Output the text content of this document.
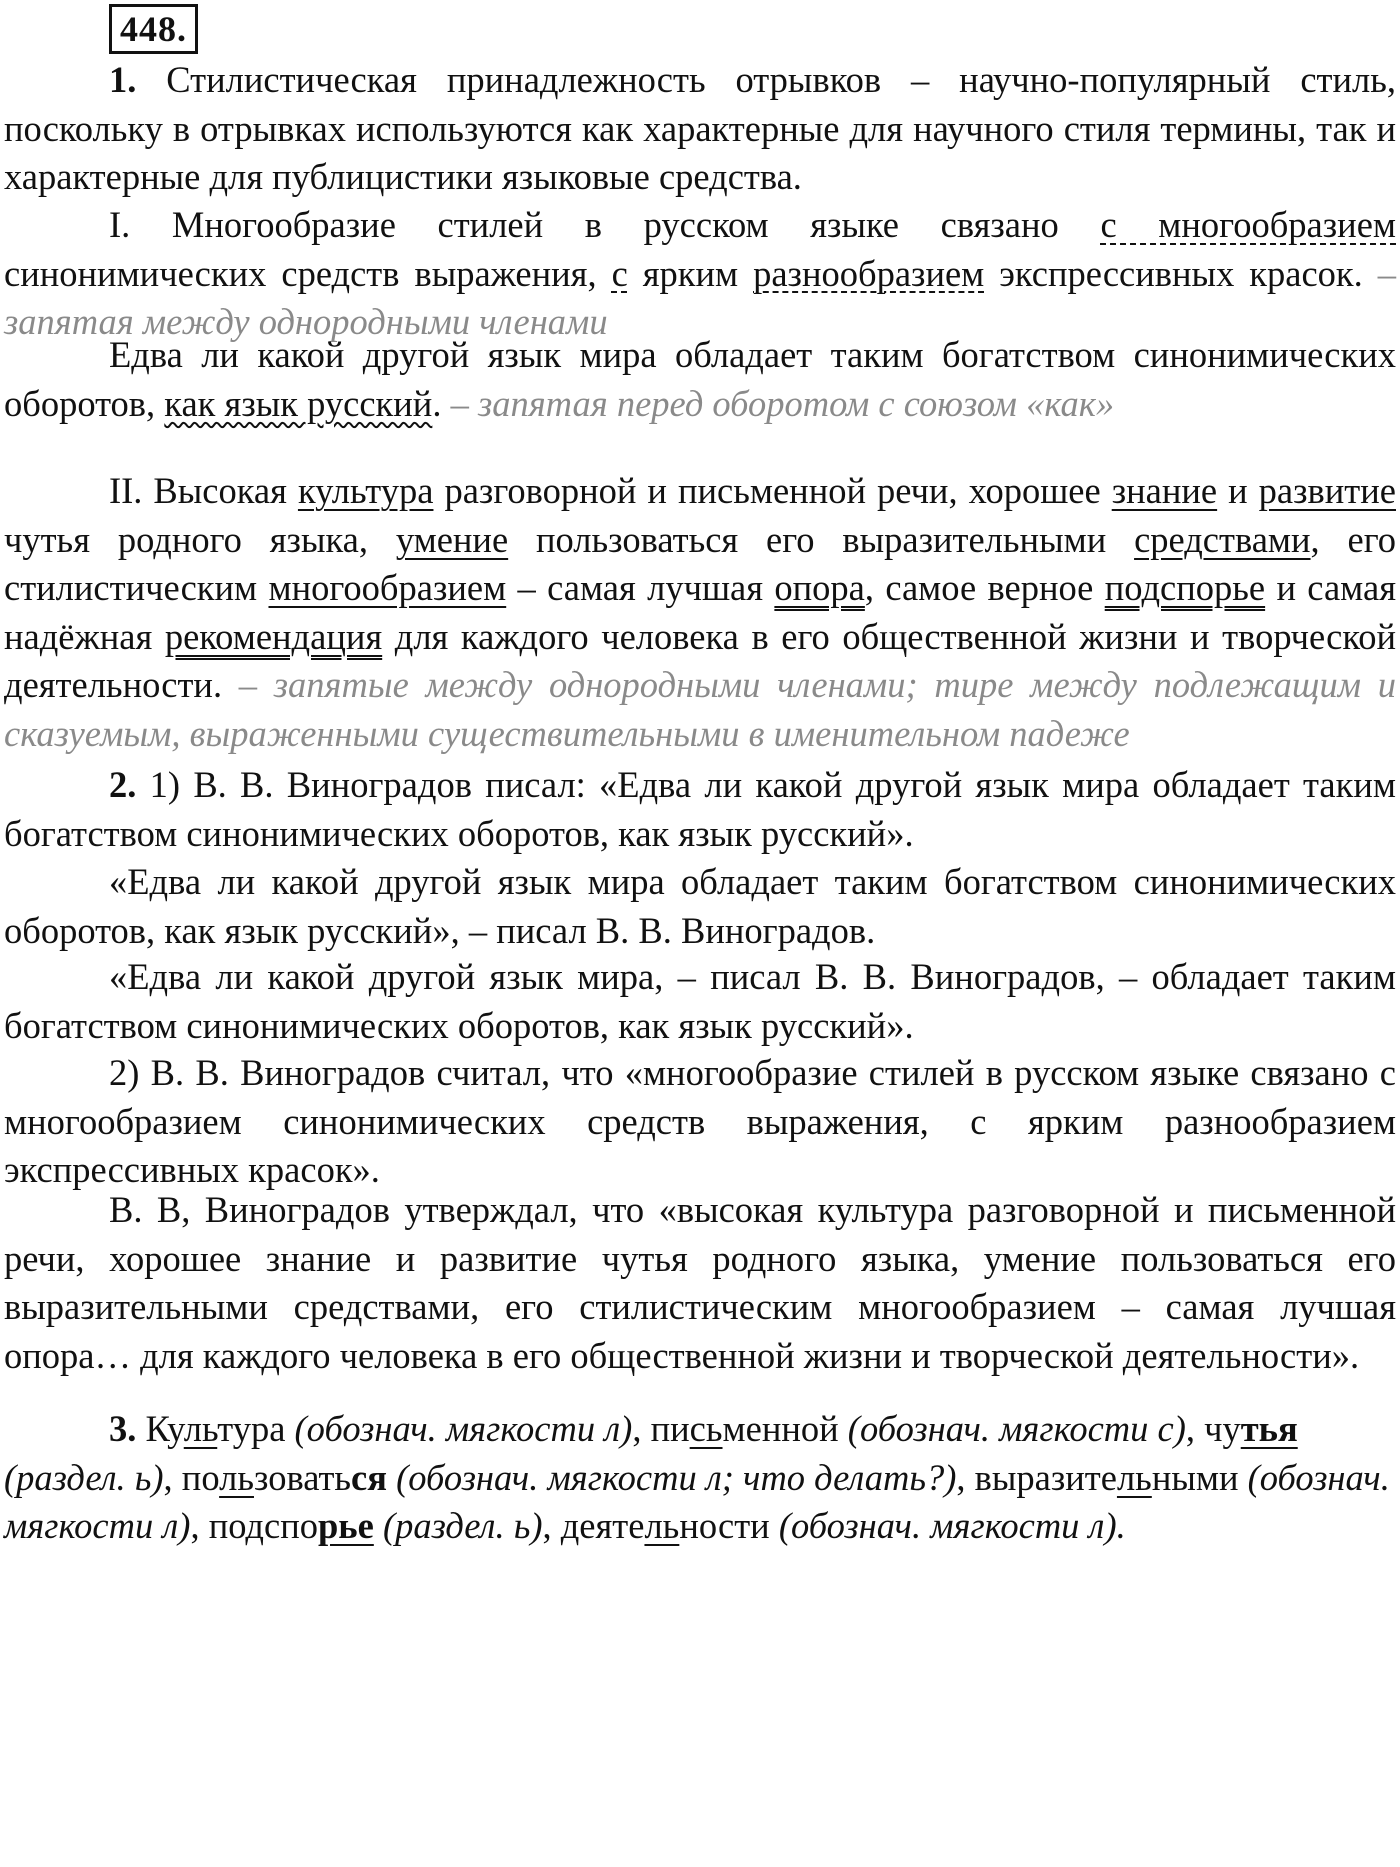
448.

1. Стилистическая принадлежность отрывков – научно-популярный стиль, поскольку в отрывках используются как характерные для научного стиля термины, так и характерные для публицистики языковые средства.

I. Многообразие стилей в русском языке связано с многообразием синонимических средств выражения, с ярким разнообразием экспрессивных красок. – запятая между однородными членами

Едва ли какой другой язык мира обладает таким богатством синонимических оборотов, как язык русский. – запятая перед оборотом с союзом «как»

II. Высокая культура разговорной и письменной речи, хорошее знание и развитие чутья родного языка, умение пользоваться его выразительными средствами, его стилистическим многообразием – самая лучшая опора, самое верное подспорье и самая надёжная рекомендация для каждого человека в его общественной жизни и творческой деятельности. – запятые между однородными членами; тире между подлежащим и сказуемым, выраженными существительными в именительном падеже

2. 1) В. В. Виноградов писал: «Едва ли какой другой язык мира обладает таким богатством синонимических оборотов, как язык русский».

«Едва ли какой другой язык мира обладает таким богатством синонимических оборотов, как язык русский», – писал В. В. Виноградов.

«Едва ли какой другой язык мира, – писал В. В. Виноградов, – обладает таким богатством синонимических оборотов, как язык русский».

2) В. В. Виноградов считал, что «многообразие стилей в русском языке связано с многообразием синонимических средств выражения, с ярким разнообразием экспрессивных красок».

В. В, Виноградов утверждал, что «высокая культура разговорной и письменной речи, хорошее знание и развитие чутья родного языка, умение пользоваться его выразительными средствами, его стилистическим многообразием – самая лучшая опора… для каждого человека в его общественной жизни и творческой деятельности».

3. Культура (обознач. мягкости л), письменной (обознач. мягкости с), чутья (раздел. ь), пользоваться (обознач. мягкости л; что делать?), выразительными (обознач. мягкости л), подспорье (раздел. ь), деятельности (обознач. мягкости л).
